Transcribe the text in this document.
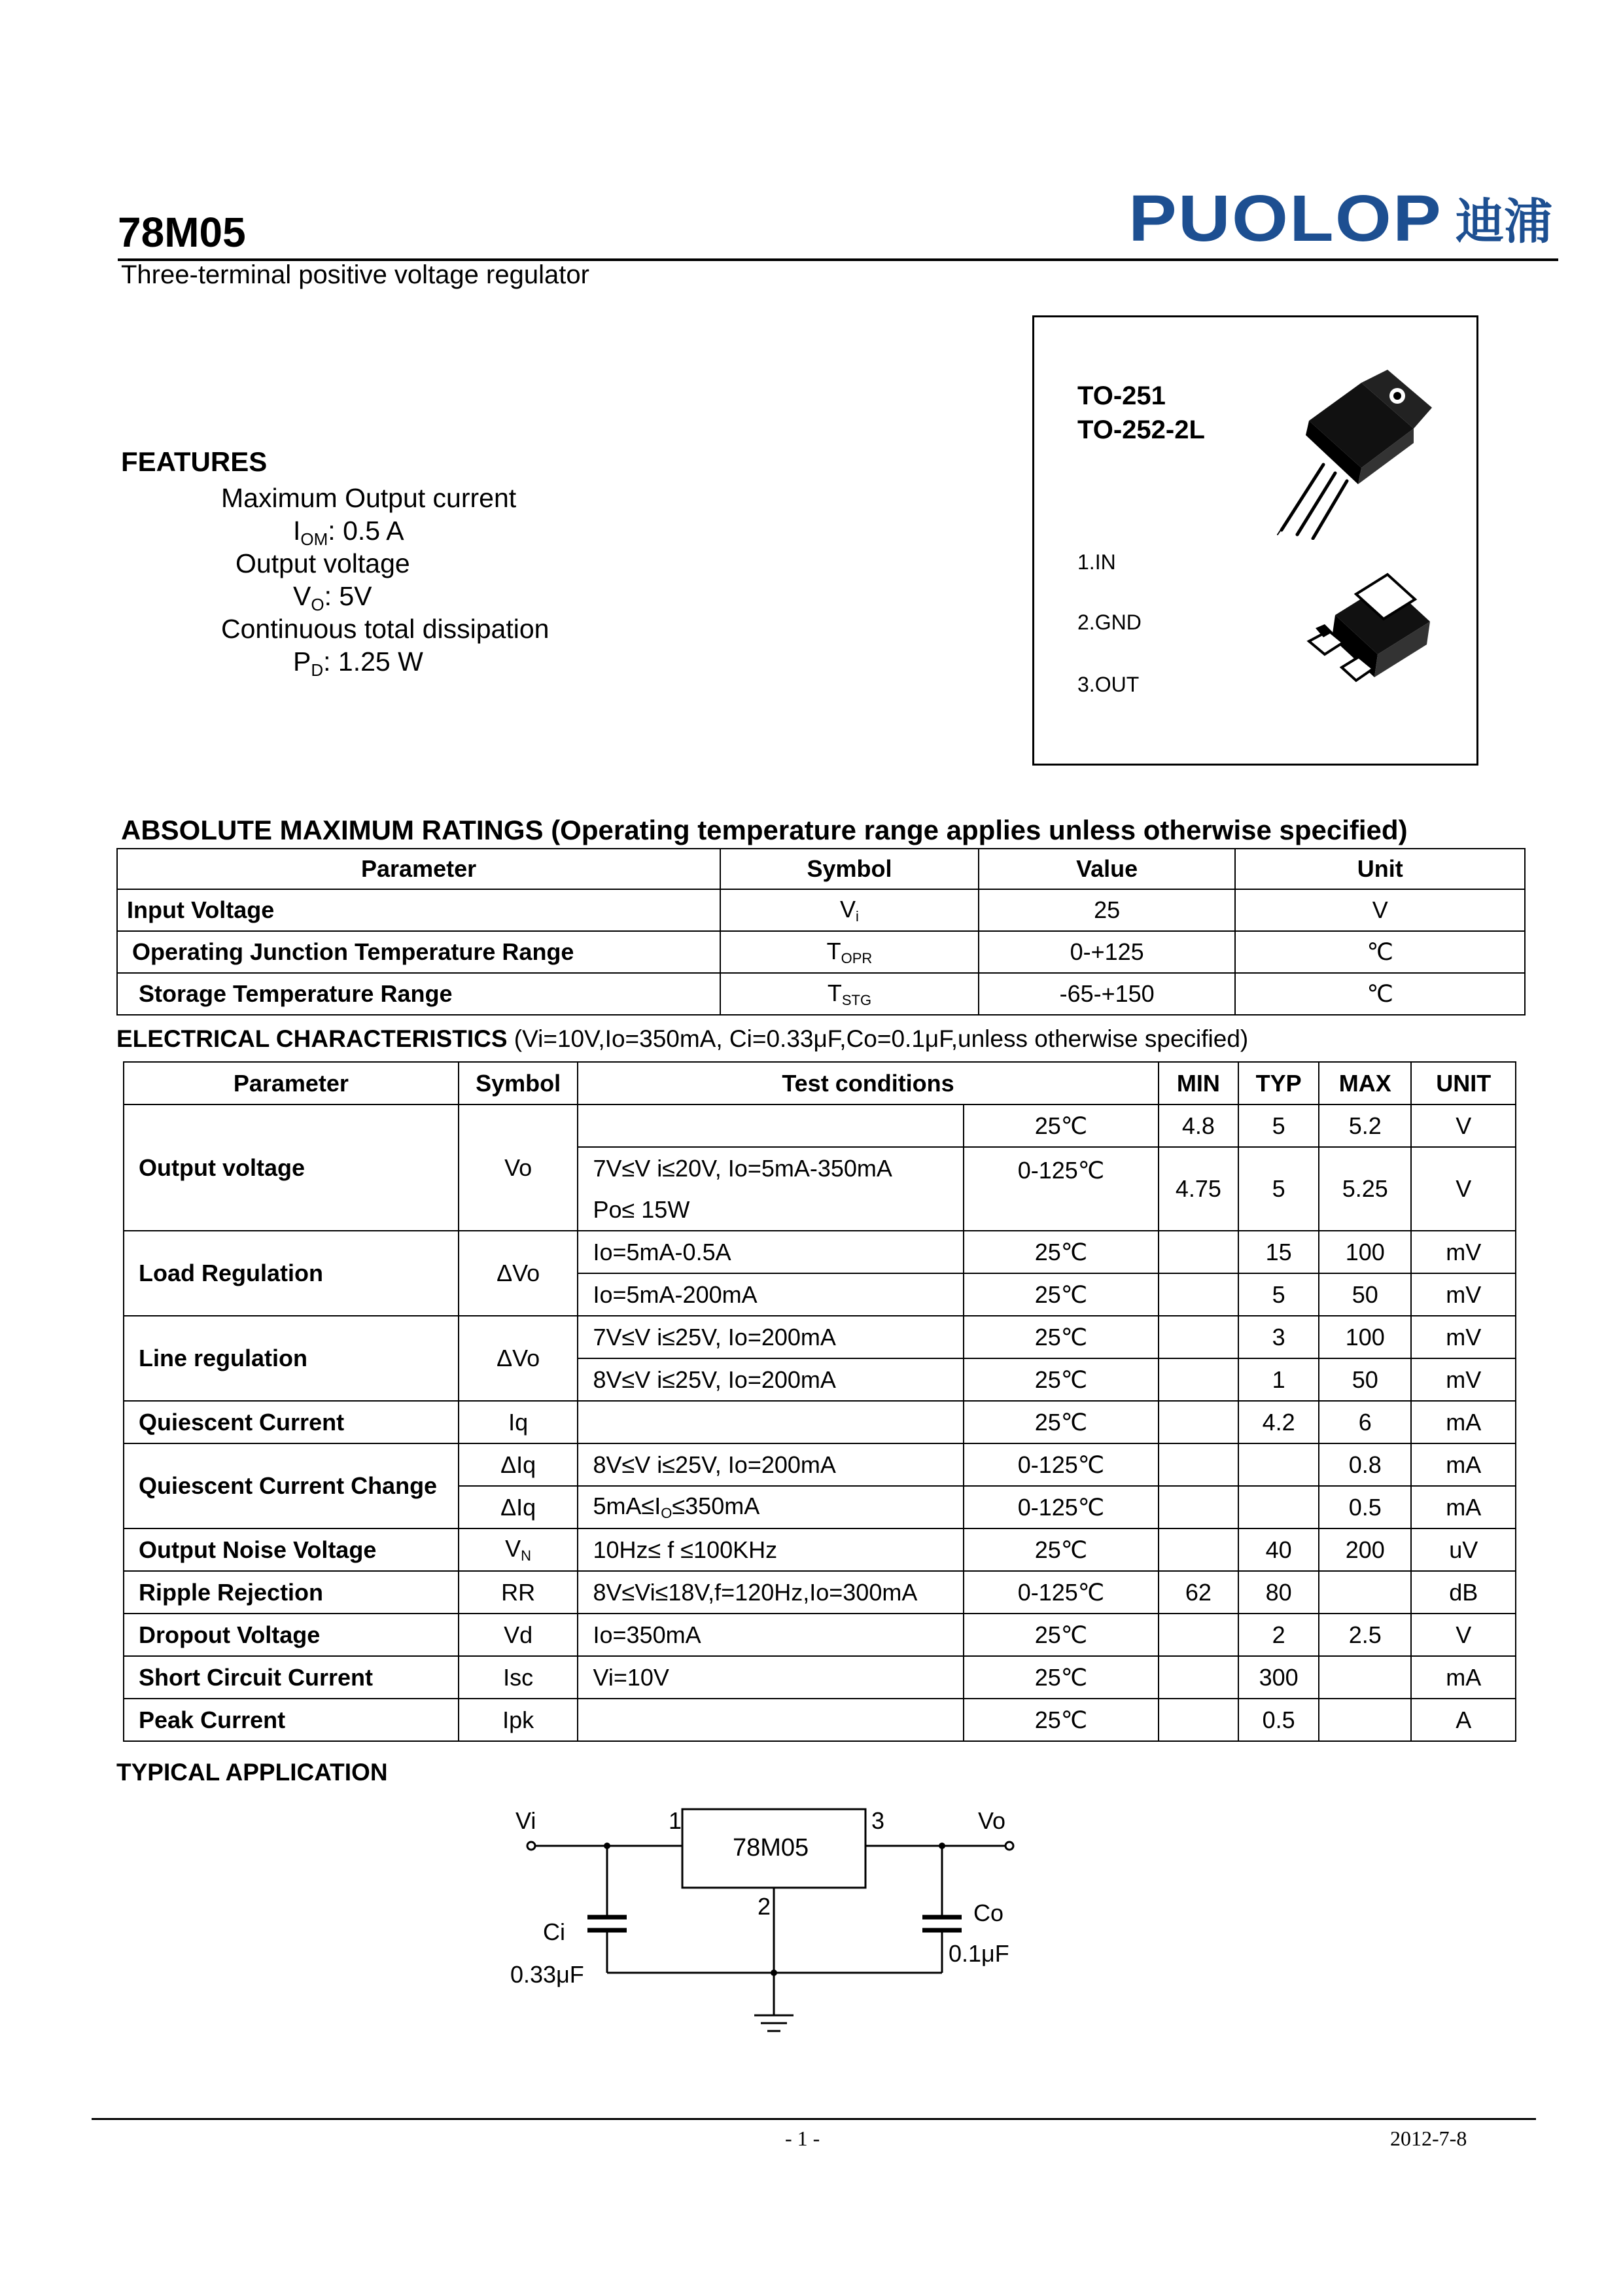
78M05
Three-terminal positive voltage regulator
PUOLOP 迪浦
FEATURES
Maximum Output current
$I_{OM}$: 0.5 A
Output voltage
$V_O$: 5V
Continuous total dissipation
$P_D$: 1.25 W
TO-251
TO-252-2L
1.IN
2.GND
3.OUT
ABSOLUTE MAXIMUM RATINGS (Operating temperature range applies unless otherwise specified)
Parameter	Symbol	Value	Unit
Input Voltage	$V_i$	25	V
Operating Junction Temperature Range	$T_{OPR}$	0-+125	℃
Storage Temperature Range	$T_{STG}$	-65-+150	℃
ELECTRICAL CHARACTERISTICS (Vi=10V,Io=350mA, Ci=0.33μF,Co=0.1μF,unless otherwise specified)
Parameter	Symbol	Test conditions		MIN	TYP	MAX	UNIT
Output voltage	Vo		25℃	4.8	5	5.2	V
		7V≤V i≤20V, Io=5mA-350mA	0-125℃	4.75	5	5.25	V
		Po≤ 15W					
Load Regulation	ΔVo	Io=5mA-0.5A	25℃		15	100	mV
		Io=5mA-200mA	25℃		5	50	mV
Line regulation	ΔVo	7V≤V i≤25V, Io=200mA	25℃		3	100	mV
		8V≤V i≤25V, Io=200mA	25℃		1	50	mV
Quiescent Current	Iq		25℃		4.2	6	mA
Quiescent Current Change	ΔIq	8V≤V i≤25V, Io=200mA	0-125℃			0.8	mA
	ΔIq	$5mA\le I_O\le 350mA$	0-125℃			0.5	mA
Output Noise Voltage	$V_N$	10Hz≤ f ≤100KHz	25℃		40	200	uV
Ripple Rejection	RR	8V≤Vi≤18V,f=120Hz,Io=300mA	0-125℃	62	80		dB
Dropout Voltage	Vd	Io=350mA	25℃		2	2.5	V
Short Circuit Current	Isc	Vi=10V	25℃		300		mA
Peak Current	Ipk		25℃		0.5		A
TYPICAL APPLICATION
Vi	Vo
1	3
2
78M05
Ci
0.33μF
Co
0.1μF
- 1 -	2012-7-8
